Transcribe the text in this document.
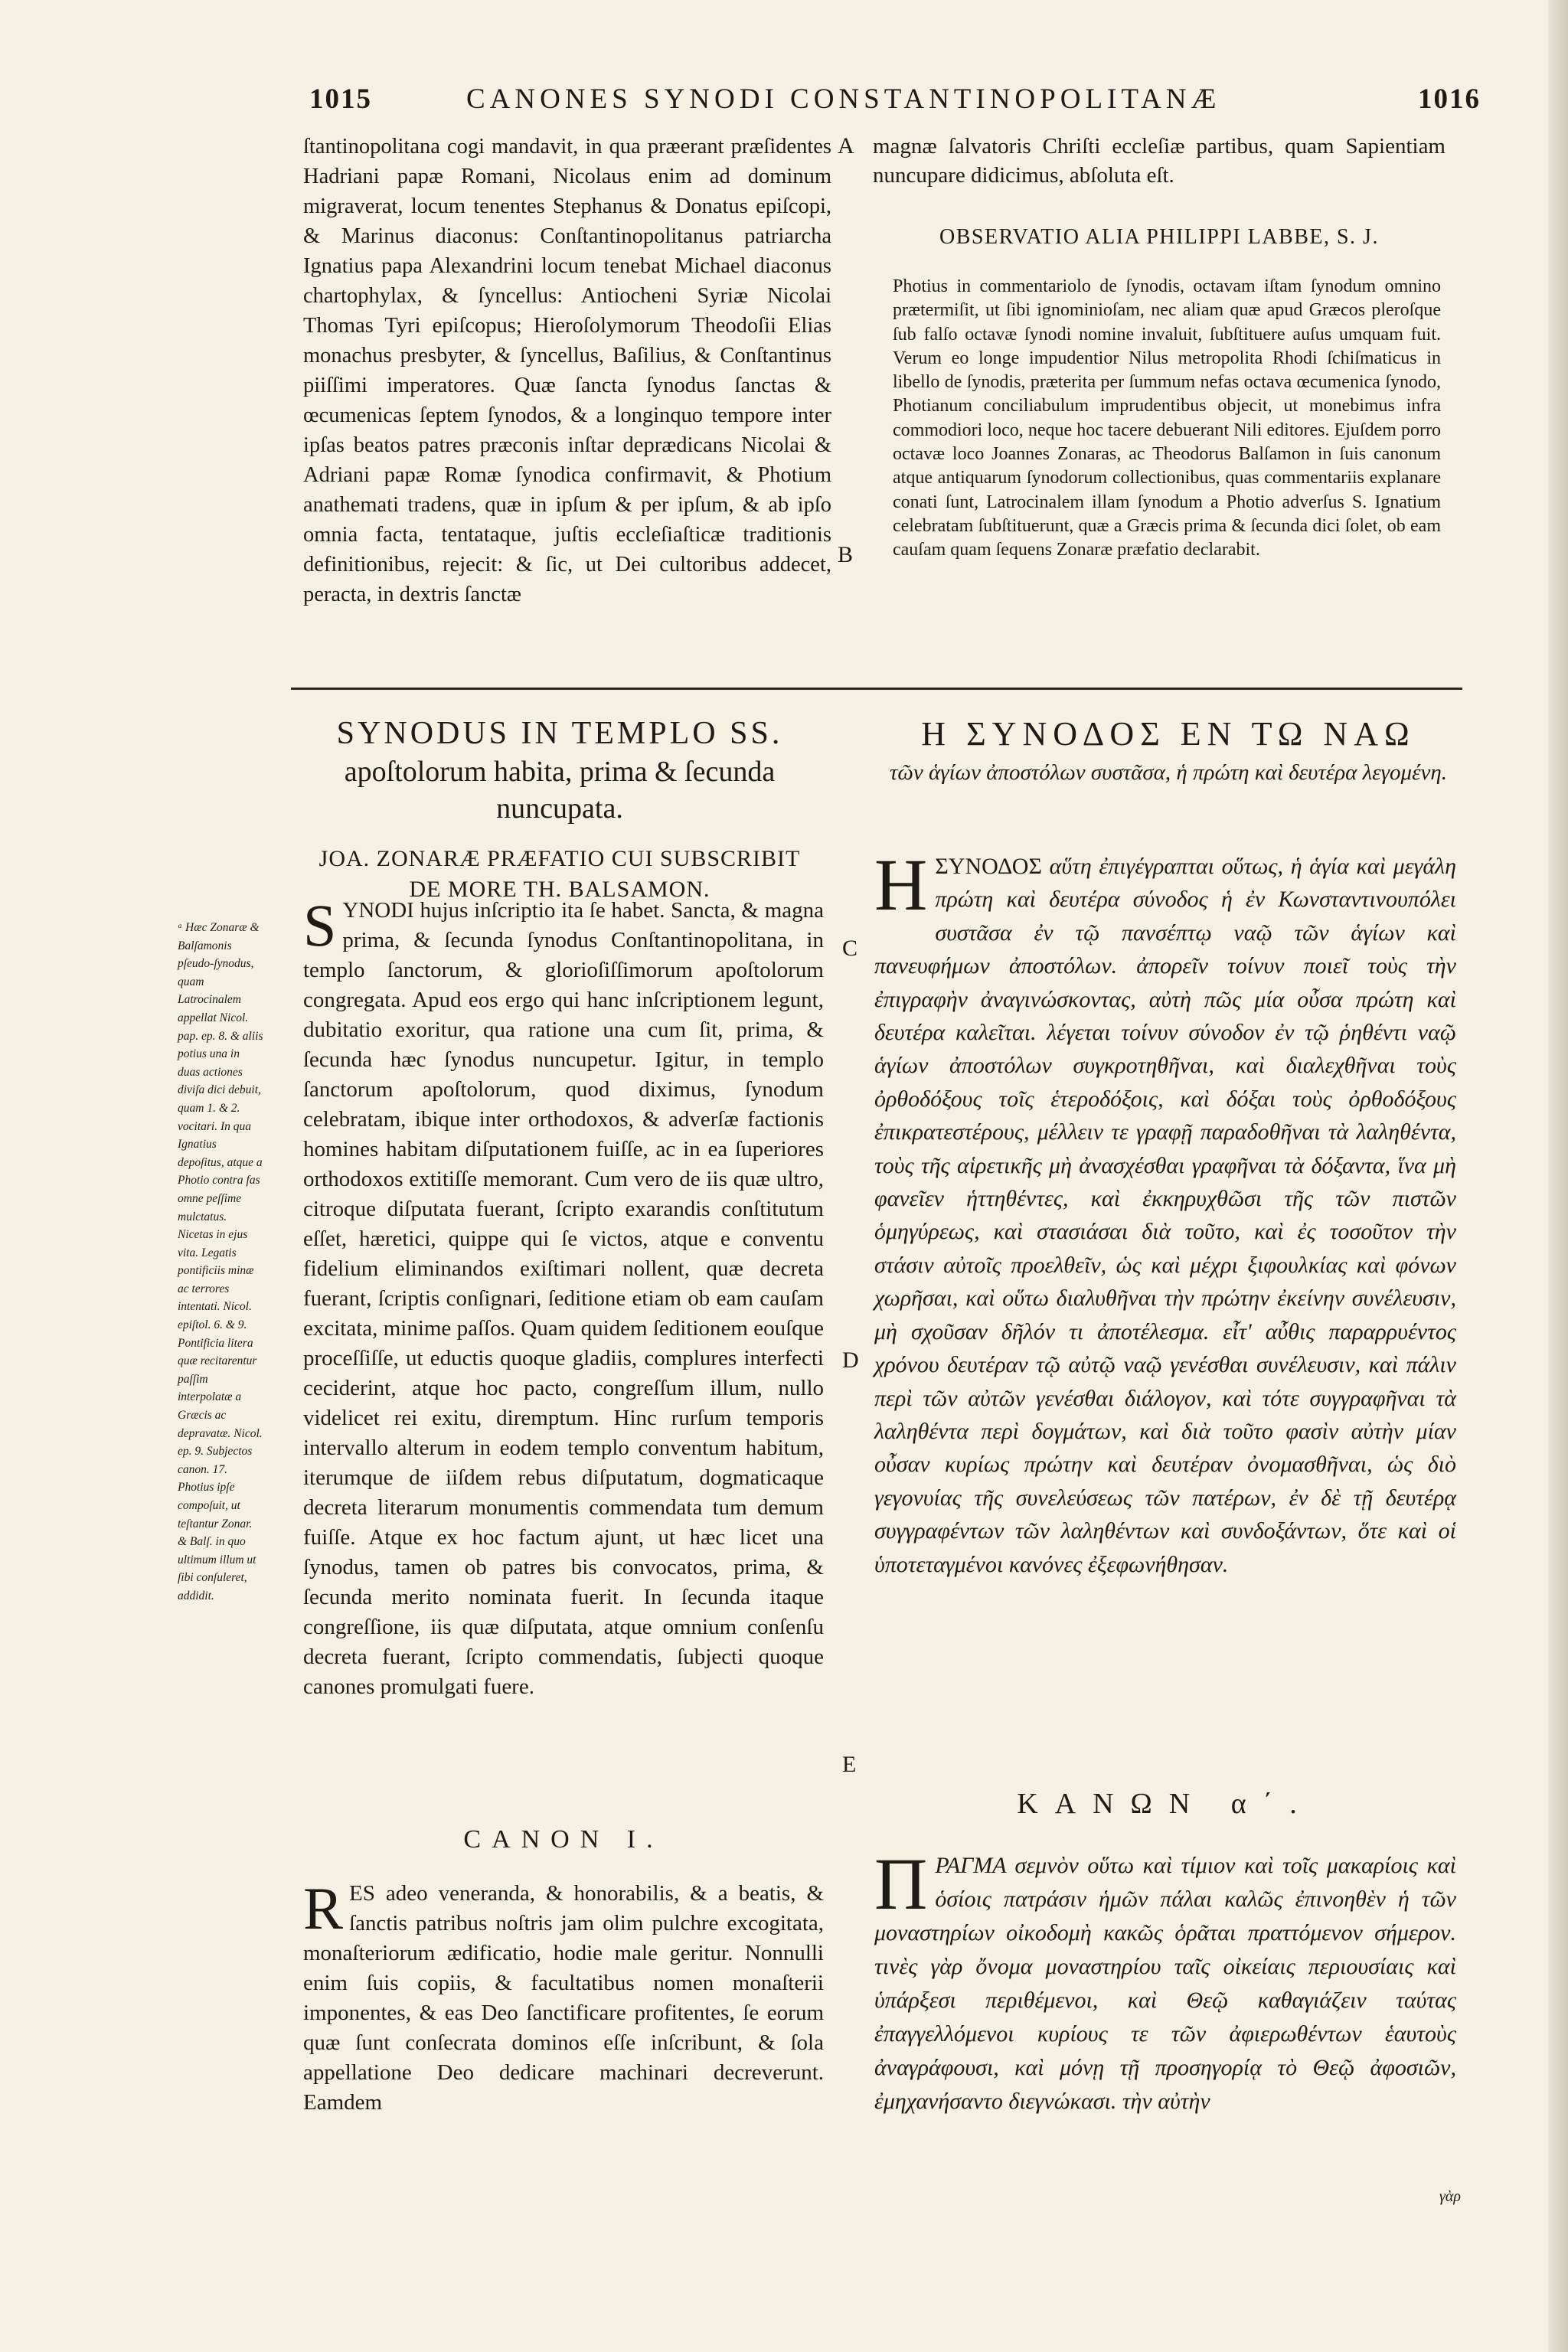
1015	CANONES SYNODI CONSTANTINOPOLITANÆ	1016

ſtantinopolitana cogi mandavit, in qua præerant præſidentes Hadriani papæ Romani, Nicolaus enim ad dominum migraverat, locum tenentes Stephanus & Donatus epiſcopi, & Marinus diaconus: Conſtantinopolitanus patriarcha Ignatius papa Alexandrini locum tenebat Michael diaconus chartophylax, & ſyncellus: Antiocheni Syriæ Nicolai Thomas Tyri epiſcopus; Hieroſolymorum Theodoſii Elias monachus presbyter, & ſyncellus, Baſilius, & Conſtantinus piiſſimi imperatores. Quæ ſancta ſynodus ſanctas & œcumenicas ſeptem ſynodos, & a longinquo tempore inter ipſas beatos patres præconis inſtar deprædicans Nicolai & Adriani papæ Romæ ſynodica confirmavit, & Photium anathemati tradens, quæ in ipſum & per ipſum, & ab ipſo omnia facta, tentataque, juſtis eccleſiaſticæ traditionis definitionibus, rejecit: & ſic, ut Dei cultoribus addecet, peracta, in dextris ſanctæ

A
B

magnæ ſalvatoris Chriſti eccleſiæ partibus, quam Sapientiam nuncupare didicimus, abſoluta eſt.

OBSERVATIO ALIA PHILIPPI LABBE, S. J.

Photius in commentariolo de ſynodis, octavam iſtam ſynodum omnino prætermiſit, ut ſibi ignominioſam, nec aliam quæ apud Græcos pleroſque ſub falſo octavæ ſynodi nomine invaluit, ſubſtituere auſus umquam fuit. Verum eo longe impudentior Nilus metropolita Rhodi ſchiſmaticus in libello de ſynodis, præterita per ſummum nefas octava œcumenica ſynodo, Photianum conciliabulum imprudentibus objecit, ut monebimus infra commodiori loco, neque hoc tacere debuerant Nili editores. Ejuſdem porro octavæ loco Joannes Zonaras, ac Theodorus Balſamon in ſuis canonum atque antiquarum ſynodorum collectionibus, quas commentariis explanare conati ſunt, Latrocinalem illam ſynodum a Photio adverſus S. Ignatium celebratam ſubſtituerunt, quæ a Græcis prima & ſecunda dici ſolet, ob eam cauſam quam ſequens Zonaræ præfatio declarabit.

SYNODUS IN TEMPLO SS.
apoſtolorum habita, prima & ſecunda nuncupata.
JOA. ZONARÆ PRÆFATIO CUI SUBSCRIBIT DE MORE TH. BALSAMON.
ᵃ Hæc Zonaræ & Balſamonis pſeudo-ſynodus, quam Latrocinalem appellat Nicol. pap. ep. 8. & aliis potius una in duas actiones diviſa dici debuit, quam 1. & 2. vocitari. In qua Ignatius depoſitus, atque a Photio contra fas omne peſſime mulctatus. Nicetas in ejus vita. Legatis pontificiis minæ ac terrores intentati. Nicol. epiſtol. 6. & 9. Pontificia litera quæ recitarentur paſſim interpolatæ a Græcis ac depravatæ. Nicol. ep. 9. Subjectos canon. 17. Photius ipſe compoſuit, ut teſtantur Zonar. & Balſ. in quo ultimum illum ut ſibi conſuleret, addidit.

SYNODI hujus inſcriptio ita ſe habet. Sancta, & magna prima, & ſecunda ſynodus Conſtantinopolitana, in templo ſanctorum, & glorioſiſſimorum apoſtolorum congregata. Apud eos ergo qui hanc inſcriptionem legunt, dubitatio exoritur, qua ratione una cum ſit, prima, & ſecunda hæc ſynodus nuncupetur. Igitur, in templo ſanctorum apoſtolorum, quod diximus, ſynodum celebratam, ibique inter orthodoxos, & adverſæ factionis homines habitam diſputationem fuiſſe, ac in ea ſuperiores orthodoxos extitiſſe memorant. Cum vero de iis quæ ultro, citroque diſputata fuerant, ſcripto exarandis conſtitutum eſſet, hæretici, quippe qui ſe victos, atque e conventu fidelium eliminandos exiſtimari nollent, quæ decreta fuerant, ſcriptis conſignari, ſeditione etiam ob eam cauſam excitata, minime paſſos. Quam quidem ſeditionem eouſque proceſſiſſe, ut eductis quoque gladiis, complures interfecti ceciderint, atque hoc pacto, congreſſum illum, nullo videlicet rei exitu, diremptum. Hinc rurſum temporis intervallo alterum in eodem templo conventum habitum, iterumque de iiſdem rebus diſputatum, dogmaticaque decreta literarum monumentis commendata tum demum fuiſſe. Atque ex hoc factum ajunt, ut hæc licet una ſynodus, tamen ob patres bis convocatos, prima, & ſecunda merito nominata fuerit. In ſecunda itaque congreſſione, iis quæ diſputata, atque omnium conſenſu decreta fuerant, ſcripto commendatis, ſubjecti quoque canones promulgati fuere.

C
D
E
CANON I.

RES adeo veneranda, & honorabilis, & a beatis, & ſanctis patribus noſtris jam olim pulchre excogitata, monaſteriorum ædificatio, hodie male geritur. Nonnulli enim ſuis copiis, & facultatibus nomen monaſterii imponentes, & eas Deo ſanctificare profitentes, ſe eorum quæ ſunt conſecrata dominos eſſe inſcribunt, & ſola appellatione Deo dedicare machinari decreverunt. Eamdem

Η ΣΥΝΟΔΟΣ ΕΝ ΤΩ ΝΑΩ
τῶν ἁγίων ἀποστόλων συστᾶσα, ἡ πρώτη καὶ δευτέρα λεγομένη.

ΗΣΥΝΟΔΟΣ αὕτη ἐπιγέγραπται οὕτως, ἡ ἁγία καὶ μεγάλη πρώτη καὶ δευτέρα σύνοδος ἡ ἐν Κωνσταντινουπόλει συστᾶσα ἐν τῷ πανσέπτῳ ναῷ τῶν ἁγίων καὶ πανευφήμων ἀποστόλων. ἀπορεῖν τοίνυν ποιεῖ τοὺς τὴν ἐπιγραφὴν ἀναγινώσκοντας, αὐτὴ πῶς μία οὖσα πρώτη καὶ δευτέρα καλεῖται. λέγεται τοίνυν σύνοδον ἐν τῷ ῥηθέντι ναῷ ἁγίων ἀποστόλων συγκροτηθῆναι, καὶ διαλεχθῆναι τοὺς ὀρθοδόξους τοῖς ἑτεροδόξοις, καὶ δόξαι τοὺς ὀρθοδόξους ἐπικρατεστέρους, μέλλειν τε γραφῇ παραδοθῆναι τὰ λαληθέντα, τοὺς τῆς αἱρετικῆς μὴ ἀνασχέσθαι γραφῆναι τὰ δόξαντα, ἵνα μὴ φανεῖεν ἡττηθέντες, καὶ ἐκκηρυχθῶσι τῆς τῶν πιστῶν ὁμηγύρεως, καὶ στασιάσαι διὰ τοῦτο, καὶ ἐς τοσοῦτον τὴν στάσιν αὐτοῖς προελθεῖν, ὡς καὶ μέχρι ξιφουλκίας καὶ φόνων χωρῆσαι, καὶ οὕτω διαλυθῆναι τὴν πρώτην ἐκείνην συνέλευσιν, μὴ σχοῦσαν δῆλόν τι ἀποτέλεσμα. εἶτ' αὖθις παραρρυέντος χρόνου δευτέραν τῷ αὐτῷ ναῷ γενέσθαι συνέλευσιν, καὶ πάλιν περὶ τῶν αὐτῶν γενέσθαι διάλογον, καὶ τότε συγγραφῆναι τὰ λαληθέντα περὶ δογμάτων, καὶ διὰ τοῦτο φασὶν αὐτὴν μίαν οὖσαν κυρίως πρώτην καὶ δευτέραν ὀνομασθῆναι, ὡς διὸ γεγονυίας τῆς συνελεύσεως τῶν πατέρων, ἐν δὲ τῇ δευτέρᾳ συγγραφέντων τῶν λαληθέντων καὶ συνδοξάντων, ὅτε καὶ οἱ ὑποτεταγμένοι κανόνες ἐξεφωνήθησαν.

ΚΑΝΩΝ α΄.

ΠΡΑΓΜΑ σεμνὸν οὕτω καὶ τίμιον καὶ τοῖς μακαρίοις καὶ ὁσίοις πατράσιν ἡμῶν πάλαι καλῶς ἐπινοηθὲν ἡ τῶν μοναστηρίων οἰκοδομὴ κακῶς ὁρᾶται πραττόμενον σήμερον. τινὲς γὰρ ὄνομα μοναστηρίου ταῖς οἰκείαις περιουσίαις καὶ ὑπάρξεσι περιθέμενοι, καὶ Θεῷ καθαγιάζειν ταύτας ἐπαγγελλόμενοι κυρίους τε τῶν ἀφιερωθέντων ἑαυτοὺς ἀναγράφουσι, καὶ μόνῃ τῇ προσηγορίᾳ τὸ Θεῷ ἀφοσιῶν, ἐμηχανήσαντο διεγνώκασι. τὴν αὐτὴν

γὰρ
